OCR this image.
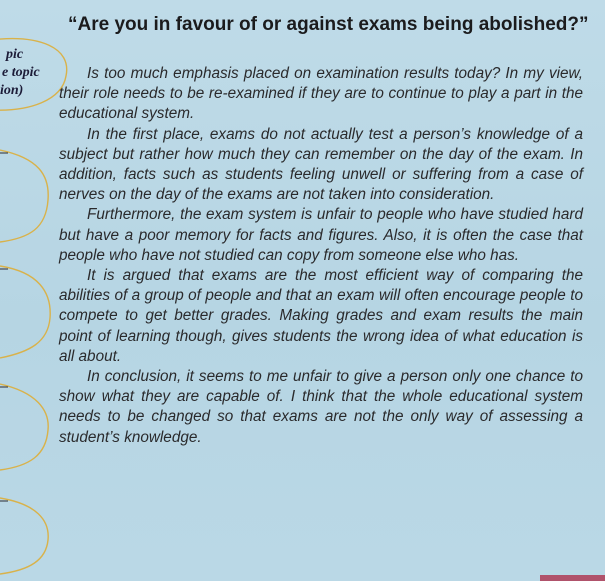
pic
e topic
ion)
“Are you in favour of or against exams being abolished?”

Is too much emphasis placed on examination results today? In my view, their role needs to be re-examined if they are to continue to play a part in the educational system.

In the first place, exams do not actually test a person’s knowledge of a subject but rather how much they can remember on the day of the exam. In addition, facts such as students feeling unwell or suffering from a case of nerves on the day of the exams are not taken into consideration.

Furthermore, the exam system is unfair to people who have studied hard but have a poor memory for facts and figures. Also, it is often the case that people who have not studied can copy from someone else who has.

It is argued that exams are the most efficient way of comparing the abilities of a group of people and that an exam will often encourage people to compete to get better grades. Making grades and exam results the main point of learning though, gives students the wrong idea of what education is all about.

In conclusion, it seems to me unfair to give a person only one chance to show what they are capable of. I think that the whole educational system needs to be changed so that exams are not the only way of assessing a student’s knowledge.
